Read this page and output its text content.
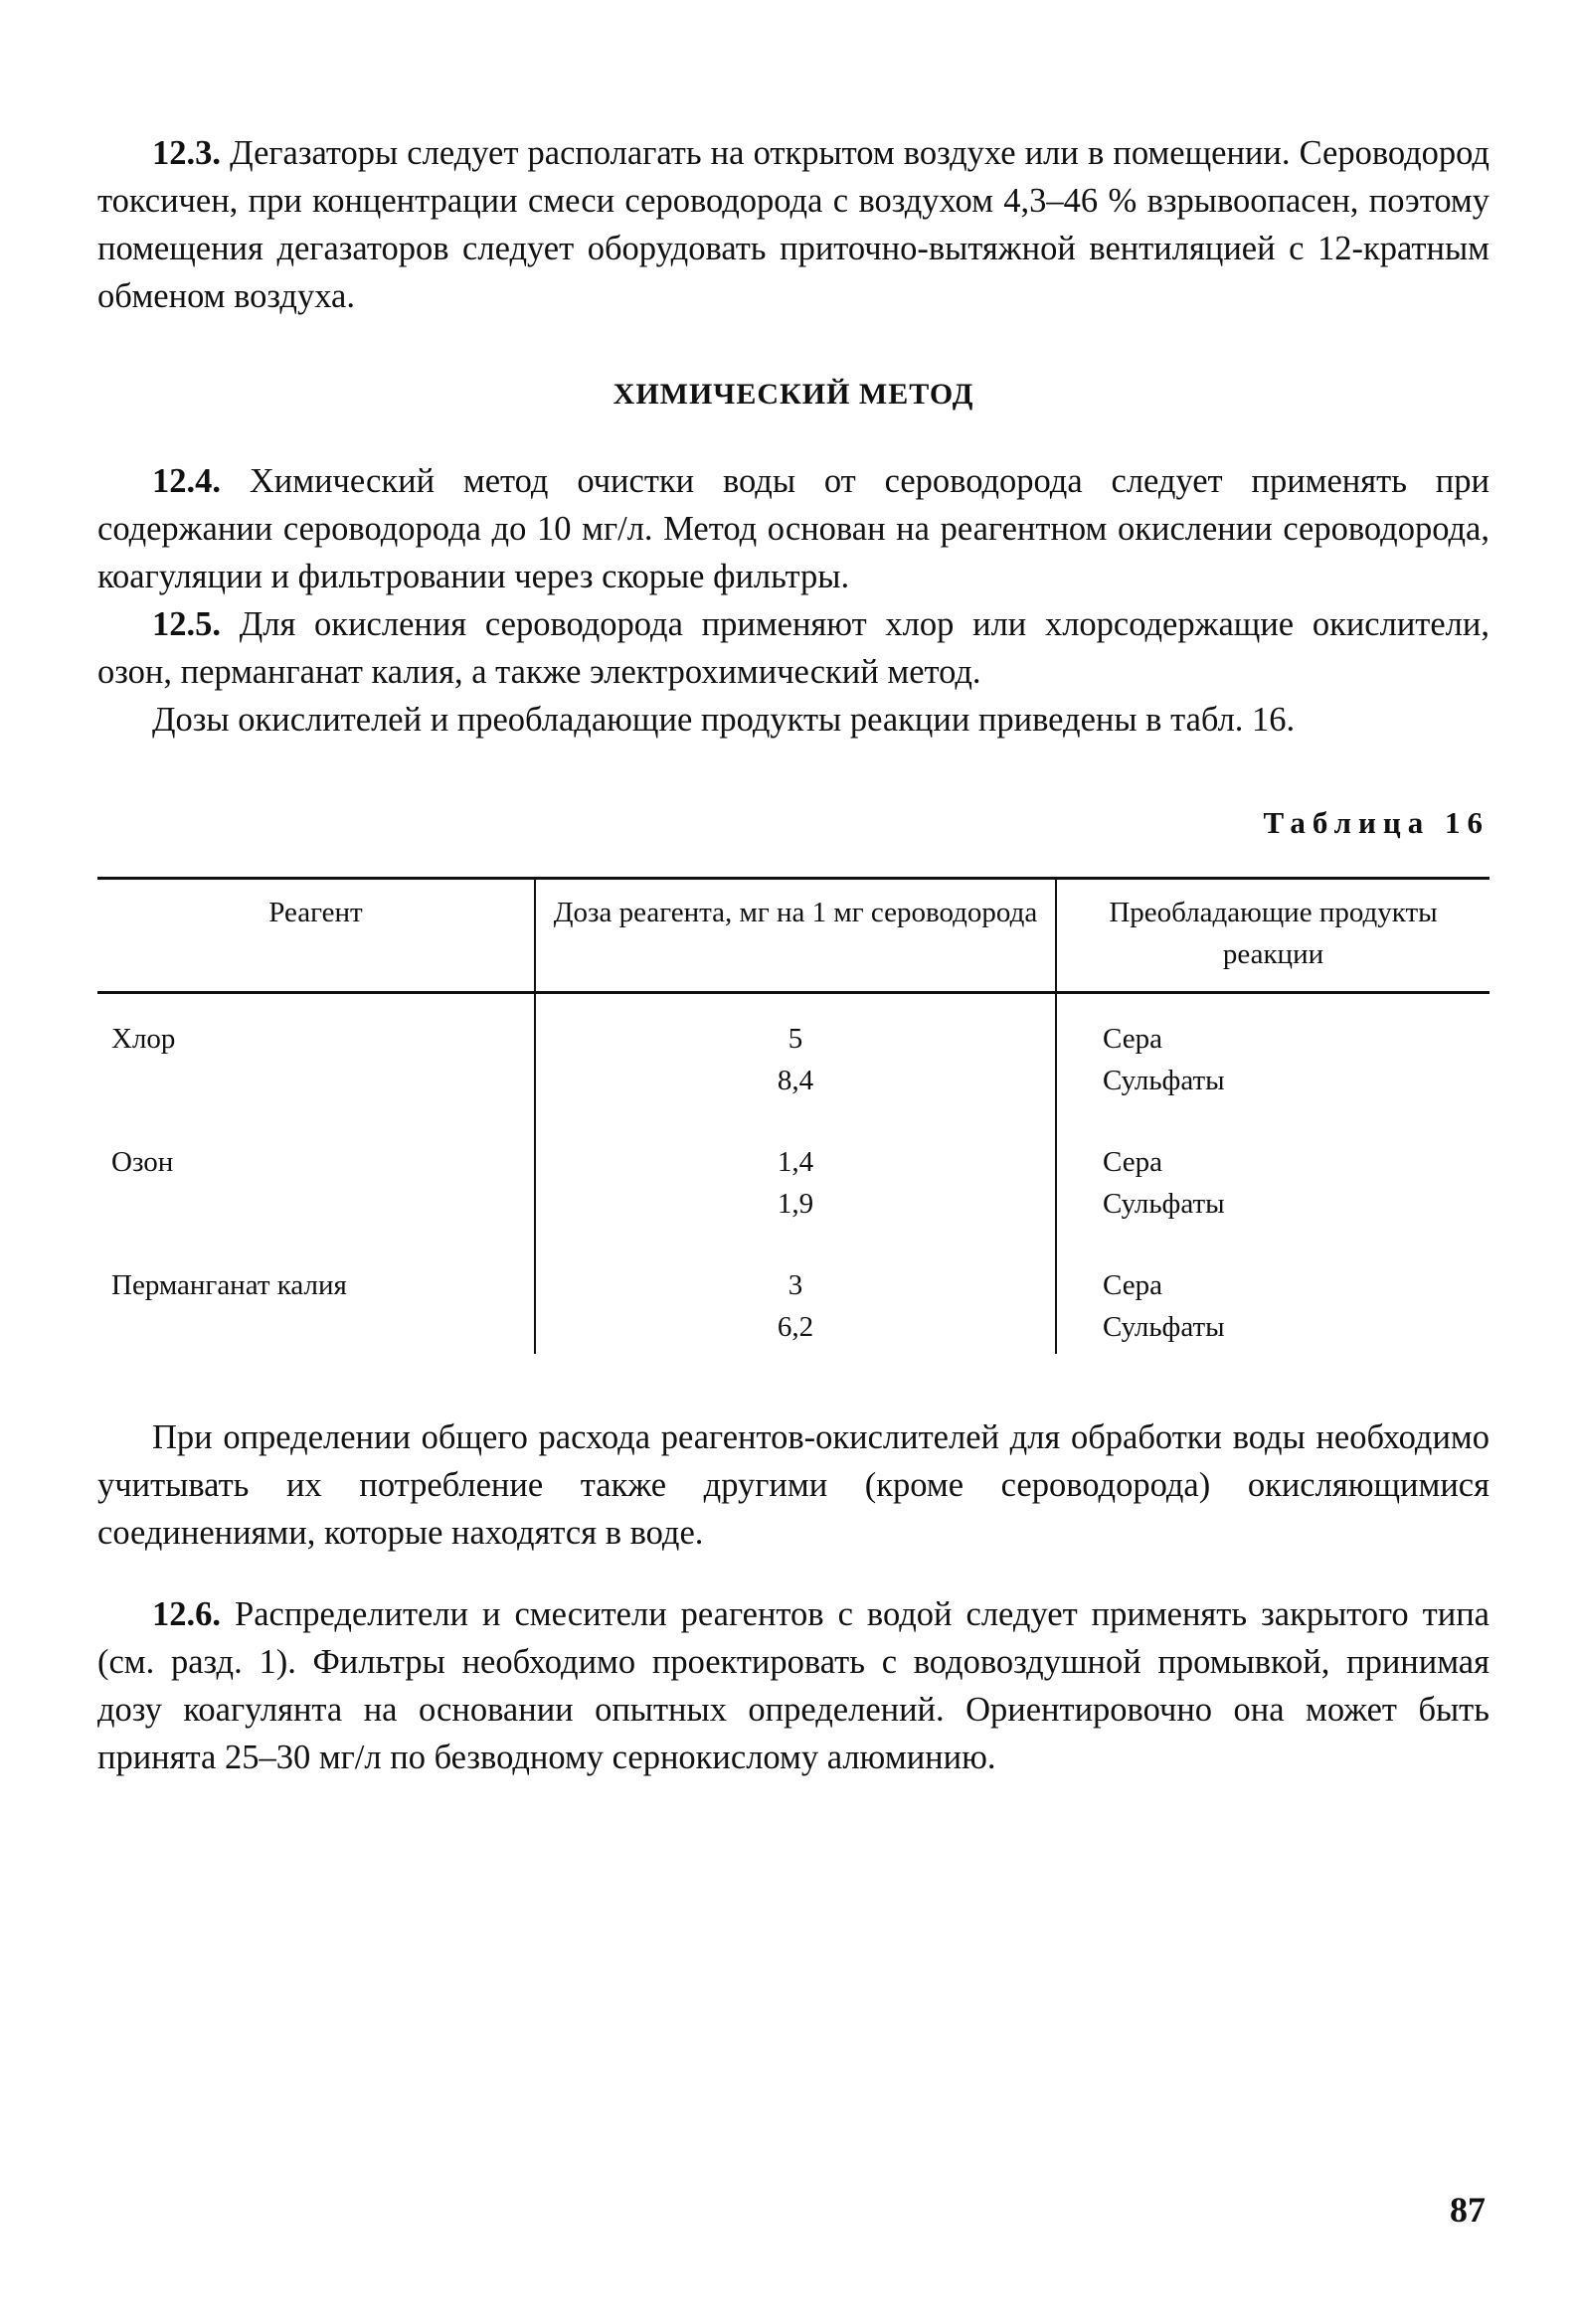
12.3. Дегазаторы следует располагать на открытом воздухе или в помещении. Сероводород токсичен, при концентрации смеси сероводорода с воздухом 4,3–46 % взрывоопасен, поэтому помещения дегазаторов следует оборудовать приточно-вытяжной вентиляцией с 12-кратным обменом воздуха.

ХИМИЧЕСКИЙ МЕТОД

12.4. Химический метод очистки воды от сероводорода следует применять при содержании сероводорода до 10 мг/л. Метод основан на реагентном окислении сероводорода, коагуляции и фильтровании через скорые фильтры.

12.5. Для окисления сероводорода применяют хлор или хлорсодержащие окислители, озон, перманганат калия, а также электрохимический метод.

Дозы окислителей и преобладающие продукты реакции приведены в табл. 16.

Таблица 16
Реагент	Доза реагента, мг на 1 мг сероводорода	Преобладающие продукты реакции
Хлор	5	Сера
	8,4	Сульфаты
Озон	1,4	Сера
	1,9	Сульфаты
Перманганат калия	3	Сера
	6,2	Сульфаты

При определении общего расхода реагентов-окислителей для обработки воды необходимо учитывать их потребление также другими (кроме сероводорода) окисляющимися соединениями, которые находятся в воде.

12.6. Распределители и смесители реагентов с водой следует применять закрытого типа (см. разд. 1). Фильтры необходимо проектировать с водовоздушной промывкой, принимая дозу коагулянта на основании опытных определений. Ориентировочно она может быть принята 25–30 мг/л по безводному сернокислому алюминию.

87
